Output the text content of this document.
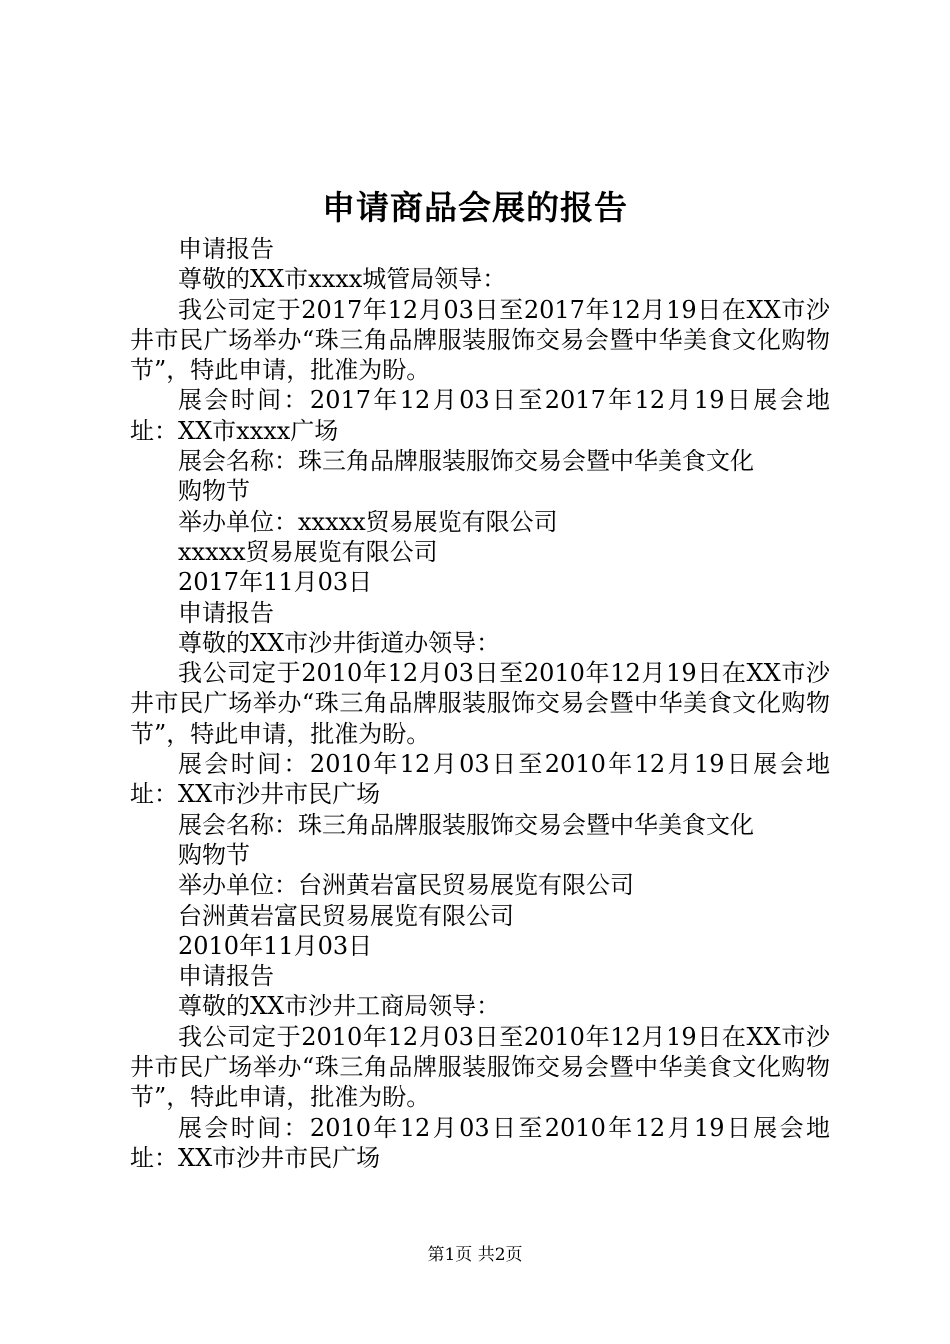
申请商品会展的报告

申请报告

尊敬的XX市xxxx城管局领导：

我公司定于2017年12月03日至2017年12月19日在XX市沙井市民广场举办“珠三角品牌服装服饰交易会暨中华美食文化购物节”，特此申请，批准为盼。

展会时间：2017年12月03日至2017年12月19日展会地址：XX市xxxx广场

展会名称：珠三角品牌服装服饰交易会暨中华美食文化

购物节

举办单位：xxxxx贸易展览有限公司

xxxxx贸易展览有限公司

2017年11月03日

申请报告

尊敬的XX市沙井街道办领导：

我公司定于2010年12月03日至2010年12月19日在XX市沙井市民广场举办“珠三角品牌服装服饰交易会暨中华美食文化购物节”，特此申请，批准为盼。

展会时间：2010年12月03日至2010年12月19日展会地址：XX市沙井市民广场

展会名称：珠三角品牌服装服饰交易会暨中华美食文化

购物节

举办单位：台洲黄岩富民贸易展览有限公司

台洲黄岩富民贸易展览有限公司

2010年11月03日

申请报告

尊敬的XX市沙井工商局领导：

我公司定于2010年12月03日至2010年12月19日在XX市沙井市民广场举办“珠三角品牌服装服饰交易会暨中华美食文化购物节”，特此申请，批准为盼。

展会时间：2010年12月03日至2010年12月19日展会地址：XX市沙井市民广场

第1页 共2页
